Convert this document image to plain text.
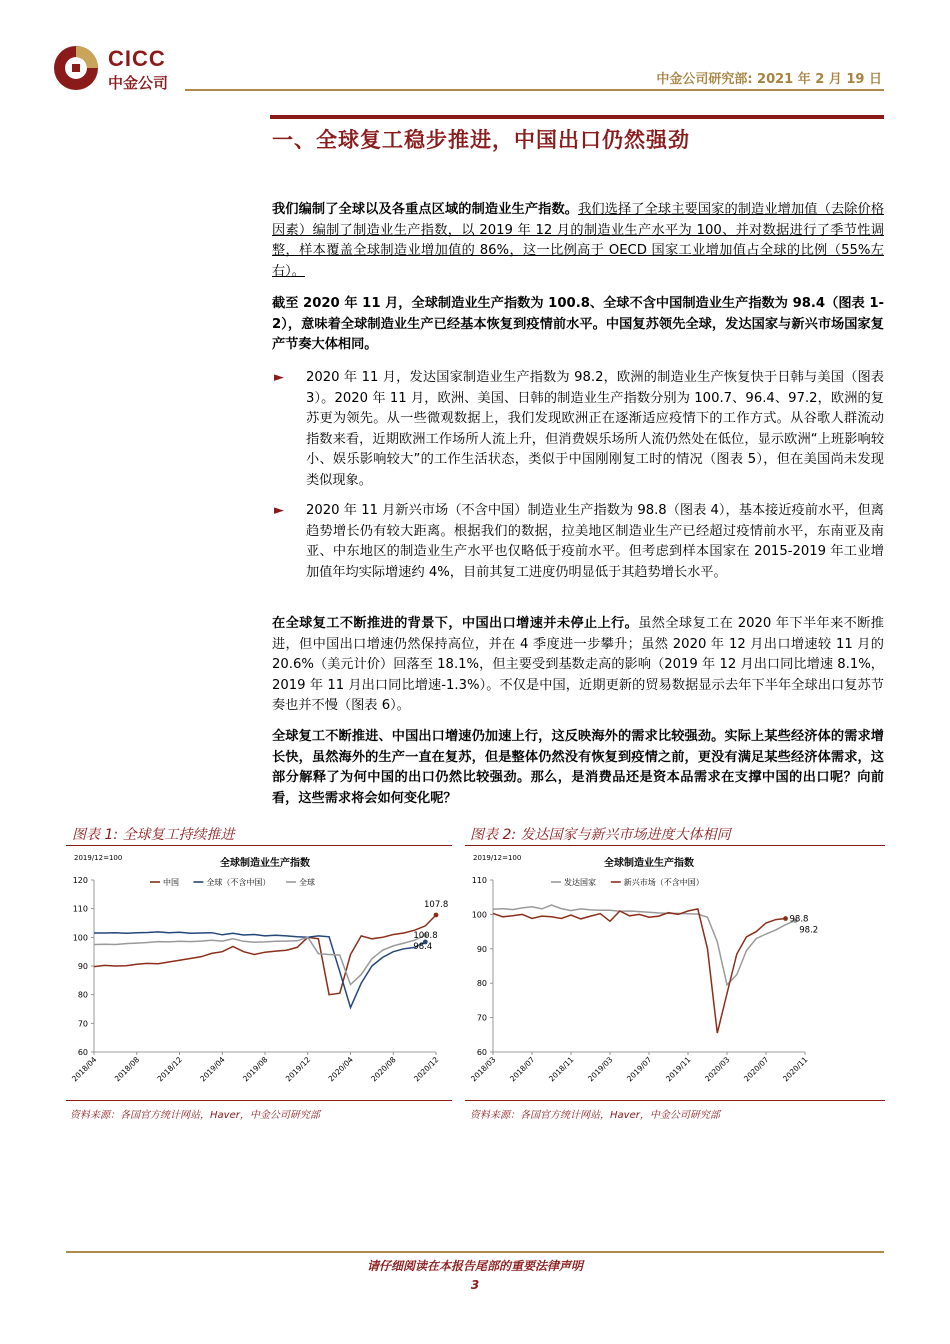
CICC
中金公司	中金公司研究部: 2021 年 2 月 19 日
一、全球复工稳步推进，中国出口仍然强劲
我们编制了全球以及各重点区域的制造业生产指数。我们选择了全球主要国家的制造业增加值（去除价格因素）编制了制造业生产指数，以 2019 年 12 月的制造业生产水平为 100、并对数据进行了季节性调整，样本覆盖全球制造业增加值的 86%，这一比例高于 OECD 国家工业增加值占全球的比例（55%左右）。
截至 2020 年 11 月，全球制造业生产指数为 100.8、全球不含中国制造业生产指数为 98.4（图表 1-2），意味着全球制造业生产已经基本恢复到疫情前水平。中国复苏领先全球，发达国家与新兴市场国家复产节奏大体相同。
► 2020 年 11 月，发达国家制造业生产指数为 98.2，欧洲的制造业生产恢复快于日韩与美国（图表 3）。2020 年 11 月，欧洲、美国、日韩的制造业生产指数分别为 100.7、96.4、97.2，欧洲的复苏更为领先。从一些微观数据上，我们发现欧洲正在逐渐适应疫情下的工作方式。从谷歌人群流动指数来看，近期欧洲工作场所人流上升，但消费娱乐场所人流仍然处在低位，显示欧洲“上班影响较小、娱乐影响较大”的工作生活状态，类似于中国刚刚复工时的情况（图表 5），但在美国尚未发现类似现象。
► 2020 年 11 月新兴市场（不含中国）制造业生产指数为 98.8（图表 4），基本接近疫前水平，但离趋势增长仍有较大距离。根据我们的数据，拉美地区制造业生产已经超过疫情前水平，东南亚及南亚、中东地区的制造业生产水平也仅略低于疫前水平。但考虑到样本国家在 2015-2019 年工业增加值年均实际增速约 4%，目前其复工进度仍明显低于其趋势增长水平。
在全球复工不断推进的背景下，中国出口增速并未停止上行。虽然全球复工在 2020 年下半年来不断推进，但中国出口增速仍然保持高位，并在 4 季度进一步攀升；虽然 2020 年 12 月出口增速较 11 月的 20.6%（美元计价）回落至 18.1%，但主要受到基数走高的影响（2019 年 12 月出口同比增速 8.1%，2019 年 11 月出口同比增速-1.3%）。不仅是中国，近期更新的贸易数据显示去年下半年全球出口复苏节奏也并不慢（图表 6）。
全球复工不断推进、中国出口增速仍加速上行，这反映海外的需求比较强劲。实际上某些经济体的需求增长快，虽然海外的生产一直在复苏，但是整体仍然没有恢复到疫情之前，更没有满足某些经济体需求，这部分解释了为何中国的出口仍然比较强劲。那么，是消费品还是资本品需求在支撑中国的出口呢？向前看，这些需求将会如何变化呢？
图表 1: 全球复工持续推进
2019/12=100	全球制造业生产指数
中国	全球（不含中国）	全球
60
70
80
90
100
110
120
2018/04 2018/08 2018/12 2019/04 2019/08 2019/12 2020/04 2020/08 2020/12
107.8
100.8
98.4
资料来源：各国官方统计网站，Haver，中金公司研究部
图表 2: 发达国家与新兴市场进度大体相同
2019/12=100	全球制造业生产指数
发达国家	新兴市场（不含中国）
60
70
80
90
100
110
2018/03 2018/07 2018/11 2019/03 2019/07 2019/11 2020/03 2020/07 2020/11
98.8
98.2
资料来源：各国官方统计网站，Haver，中金公司研究部
请仔细阅读在本报告尾部的重要法律声明
3
